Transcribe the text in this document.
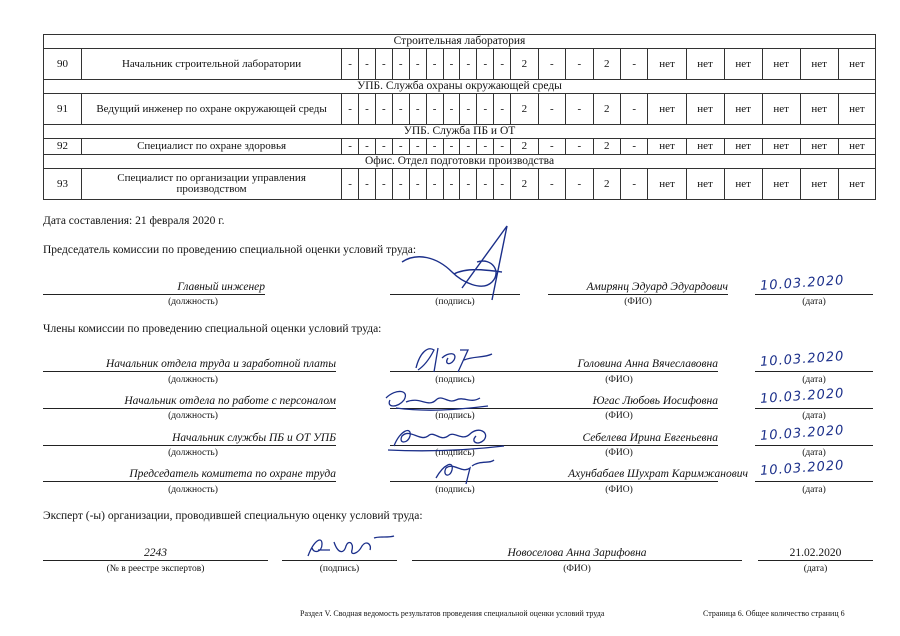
Строительная лаборатория																						
90	Начальник строительной лаборатории	-	-	-	-	-	-	-	-	-	-	2	-	-	2	-	нет	нет	нет	нет	нет	нет
УПБ. Служба охраны окружающей среды																						
91	Ведущий инженер по охране окружающей среды	-	-	-	-	-	-	-	-	-	-	2	-	-	2	-	нет	нет	нет	нет	нет	нет
УПБ. Служба ПБ и ОТ																						
92	Специалист по охране здоровья	-	-	-	-	-	-	-	-	-	-	2	-	-	2	-	нет	нет	нет	нет	нет	нет
Офис. Отдел подготовки производства																						
93	Специалист по организации управления производством	-	-	-	-	-	-	-	-	-	-	2	-	-	2	-	нет	нет	нет	нет	нет	нет
Дата составления: 21 февраля 2020 г.
Председатель комиссии по проведению специальной оценки условий труда:
Главный инженер
(должность)	(подпись)
Амирянц Эдуард Эдуардович
(ФИО)
10.03.2020
(дата)
Члены комиссии по проведению специальной оценки условий труда:
Начальник отдела труда и заработной платы
(должность)	(подпись)
Головина Анна Вячеславовна
(ФИО)
10.03.2020
(дата)
Начальник отдела по работе с персоналом
(должность)	(подпись)
Югас Любовь Иосифовна
(ФИО)
10.03.2020
(дата)
Начальник службы ПБ и ОТ УПБ
(должность)	(подпись)
Себелева Ирина Евгеньевна
(ФИО)
10.03.2020
(дата)
Председатель комитета по охране труда
(должность)	(подпись)
Ахунбабаев Шухрат Каримжанович
(ФИО)
10.03.2020
(дата)
Эксперт (-ы) организации, проводившей специальную оценку условий труда:
2243
(№ в реестре экспертов)	(подпись)
Новоселова Анна Зарифовна
(ФИО)
21.02.2020
(дата)
Раздел V. Сводная ведомость результатов проведения специальной оценки условий труда	Страница 6. Общее количество страниц 6
